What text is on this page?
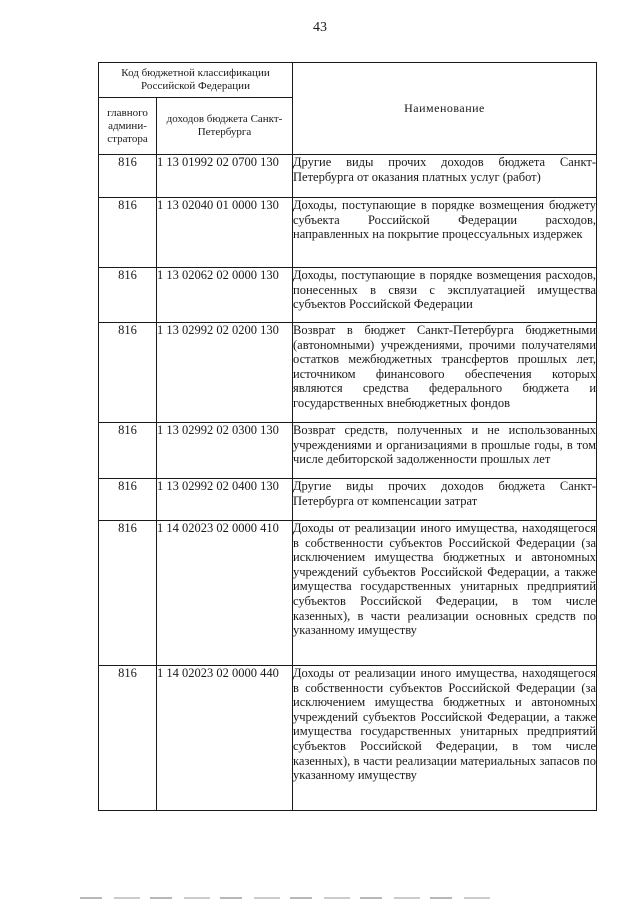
43
Код бюджетной классификации Российской Федерации		Наименование
главного админи-стратора	доходов бюджета Санкт-Петербурга	
816	1 13 01992 02 0700 130	Другие виды прочих доходов бюджета Санкт-Петербурга от оказания платных услуг (работ)
816	1 13 02040 01 0000 130	Доходы, поступающие в порядке возмещения бюджету субъекта Российской Федерации расходов, направленных на покрытие процессуальных издержек
816	1 13 02062 02 0000 130	Доходы, поступающие в порядке возмещения расходов, понесенных в связи с эксплуатацией имущества субъектов Российской Федерации
816	1 13 02992 02 0200 130	Возврат в бюджет Санкт-Петербурга бюджетными (автономными) учреждениями, прочими получателями остатков межбюджетных трансфертов прошлых лет, источником финансового обеспечения которых являются средства федерального бюджета и государственных внебюджетных фондов
816	1 13 02992 02 0300 130	Возврат средств, полученных и не использованных учреждениями и организациями в прошлые годы, в том числе дебиторской задолженности прошлых лет
816	1 13 02992 02 0400 130	Другие виды прочих доходов бюджета Санкт-Петербурга от компенсации затрат
816	1 14 02023 02 0000 410	Доходы от реализации иного имущества, находящегося в собственности субъектов Российской Федерации (за исключением имущества бюджетных и автономных учреждений субъектов Российской Федерации, а также имущества государственных унитарных предприятий субъектов Российской Федерации, в том числе казенных), в части реализации основных средств по указанному имуществу
816	1 14 02023 02 0000 440	Доходы от реализации иного имущества, находящегося в собственности субъектов Российской Федерации (за исключением имущества бюджетных и автономных учреждений субъектов Российской Федерации, а также имущества государственных унитарных предприятий субъектов Российской Федерации, в том числе казенных), в части реализации материальных запасов по указанному имуществу
